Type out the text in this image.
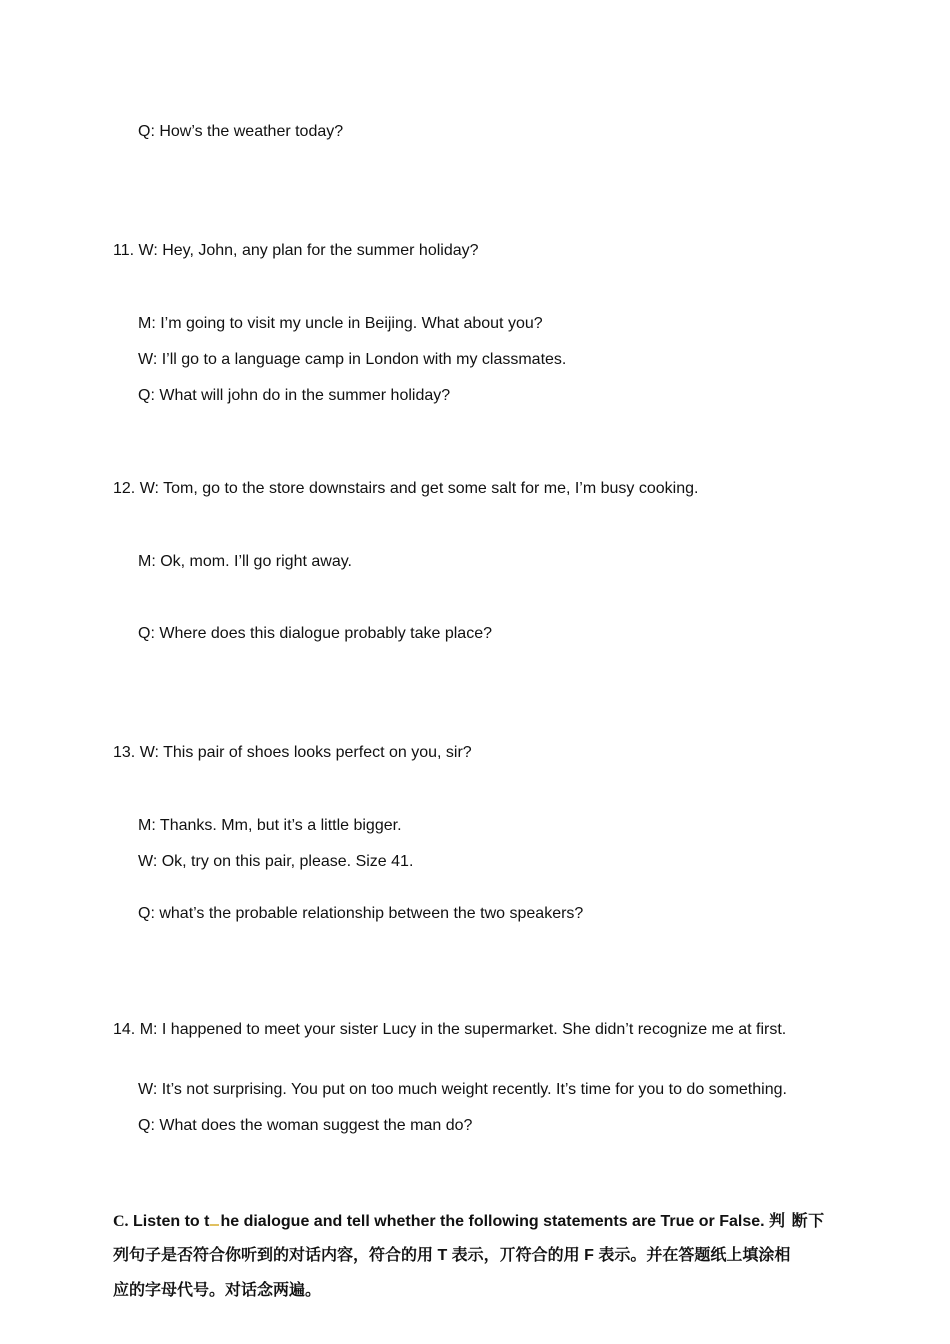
Q: How’s the weather today?
11. W: Hey, John, any plan for the summer holiday?
M: I’m going to visit my uncle in Beijing. What about you?
W: I’ll go to a language camp in London with my classmates.
Q: What will john do in the summer holiday?
12. W: Tom, go to the store downstairs and get some salt for me, I’m busy cooking.
M: Ok, mom. I’ll go right away.
Q: Where does this dialogue probably take place?
13. W: This pair of shoes looks perfect on you, sir?
M: Thanks. Mm, but it’s a little bigger.
W: Ok, try on this pair, please. Size 41.
Q: what’s the probable relationship between the two speakers?
14. M: I happened to meet your sister Lucy in the supermarket. She didn’t recognize me at first.
W: It’s not surprising. You put on too much weight recently. It’s time for you to do something.
Q: What does the woman suggest the man do?
C. Listen to t he dialogue and tell whether the following statements are True or False. 判 断下
列句子是否符合你听到的对话内容，符合的用 T 表示，丌符合的用 F 表示。并在答题纸上填涂相
应的字母代号。对话念两遍。
